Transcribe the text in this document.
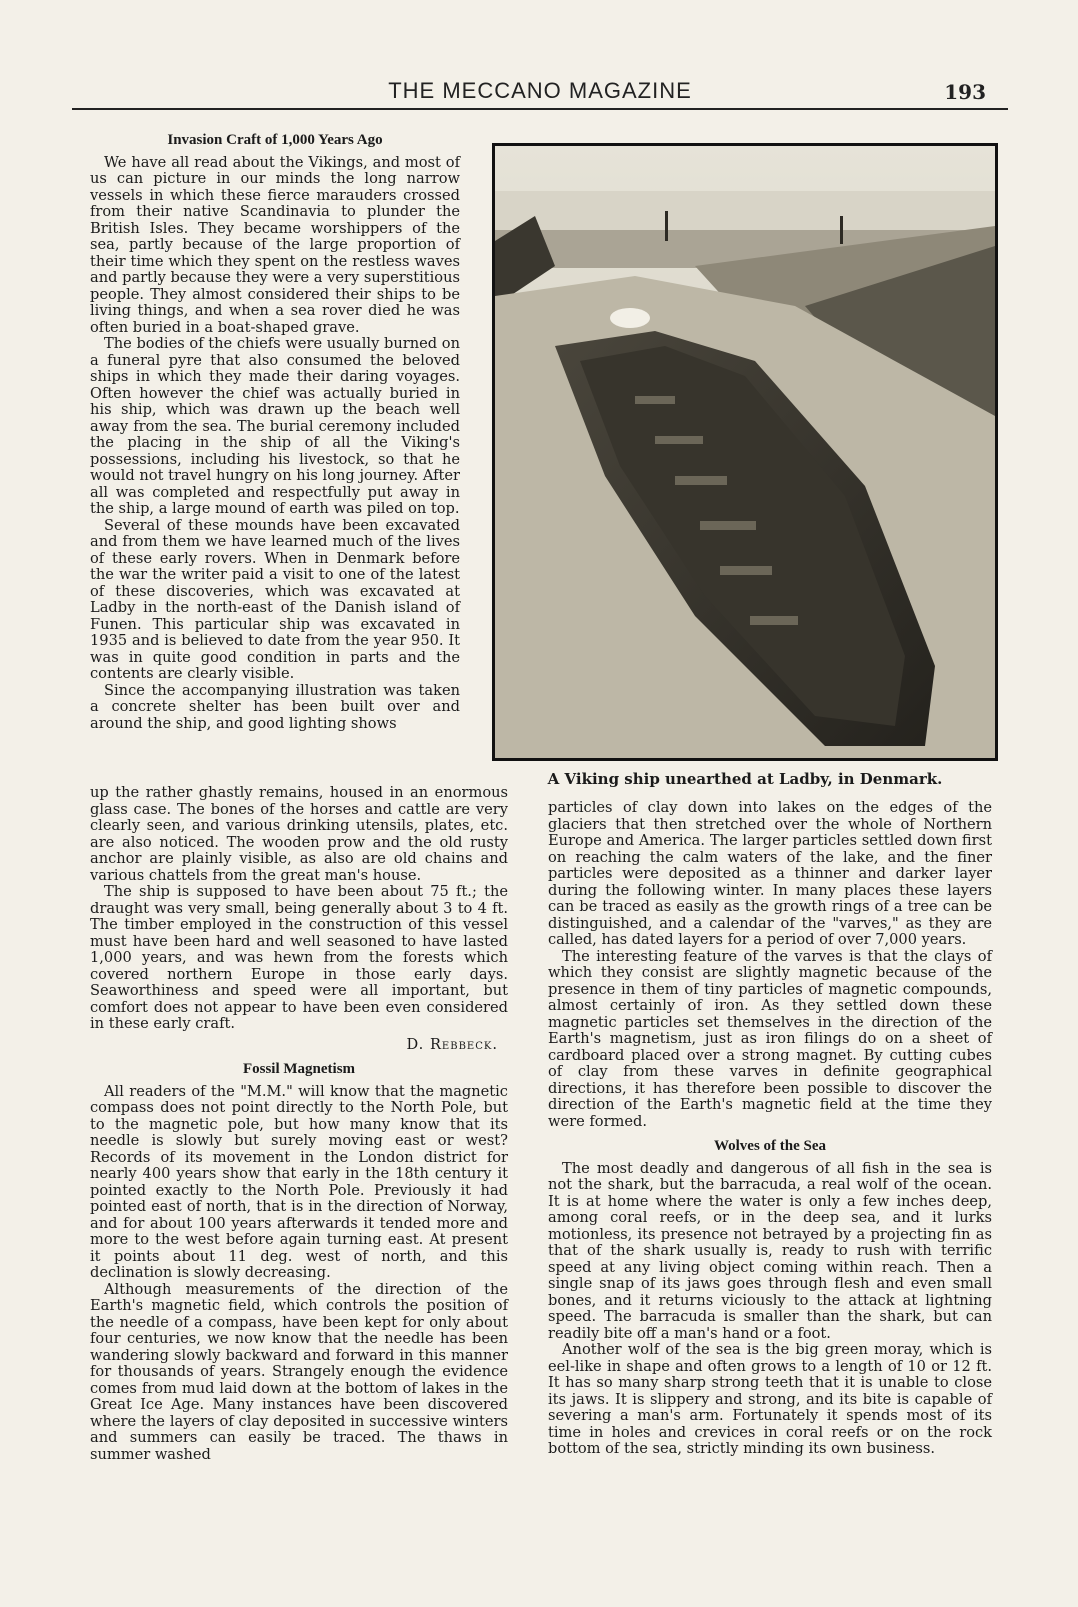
THE MECCANO MAGAZINE	193
Invasion Craft of 1,000 Years Ago

We have all read about the Vikings, and most of us can picture in our minds the long narrow vessels in which these fierce marauders crossed from their native Scandinavia to plunder the British Isles. They became worshippers of the sea, partly because of the large proportion of their time which they spent on the restless waves and partly because they were a very superstitious people. They almost considered their ships to be living things, and when a sea rover died he was often buried in a boat-shaped grave.

The bodies of the chiefs were usually burned on a funeral pyre that also consumed the beloved ships in which they made their daring voyages. Often however the chief was actually buried in his ship, which was drawn up the beach well away from the sea. The burial ceremony included the placing in the ship of all the Viking's possessions, including his livestock, so that he would not travel hungry on his long journey. After all was completed and respectfully put away in the ship, a large mound of earth was piled on top.

Several of these mounds have been excavated and from them we have learned much of the lives of these early rovers. When in Denmark before the war the writer paid a visit to one of the latest of these discoveries, which was excavated at Ladby in the north-east of the Danish island of Funen. This particular ship was excavated in 1935 and is believed to date from the year 950. It was in quite good condition in parts and the contents are clearly visible.

Since the accompanying illustration was taken a concrete shelter has been built over and around the ship, and good lighting shows

A Viking ship unearthed at Ladby, in Denmark.

up the rather ghastly remains, housed in an enormous glass case. The bones of the horses and cattle are very clearly seen, and various drinking utensils, plates, etc. are also noticed. The wooden prow and the old rusty anchor are plainly visible, as also are old chains and various chattels from the great man's house.

The ship is supposed to have been about 75 ft.; the draught was very small, being generally about 3 to 4 ft. The timber employed in the construction of this vessel must have been hard and well seasoned to have lasted 1,000 years, and was hewn from the forests which covered northern Europe in those early days. Seaworthiness and speed were all important, but comfort does not appear to have been even considered in these early craft.

D. Rebbeck.
Fossil Magnetism

All readers of the "M.M." will know that the magnetic compass does not point directly to the North Pole, but to the magnetic pole, but how many know that its needle is slowly but surely moving east or west? Records of its movement in the London district for nearly 400 years show that early in the 18th century it pointed exactly to the North Pole. Previously it had pointed east of north, that is in the direction of Norway, and for about 100 years afterwards it tended more and more to the west before again turning east. At present it points about 11 deg. west of north, and this declination is slowly decreasing.

Although measurements of the direction of the Earth's magnetic field, which controls the position of the needle of a compass, have been kept for only about four centuries, we now know that the needle has been wandering slowly backward and forward in this manner for thousands of years. Strangely enough the evidence comes from mud laid down at the bottom of lakes in the Great Ice Age. Many instances have been discovered where the layers of clay deposited in successive winters and summers can easily be traced. The thaws in summer washed

particles of clay down into lakes on the edges of the glaciers that then stretched over the whole of Northern Europe and America. The larger particles settled down first on reaching the calm waters of the lake, and the finer particles were deposited as a thinner and darker layer during the following winter. In many places these layers can be traced as easily as the growth rings of a tree can be distinguished, and a calendar of the "varves," as they are called, has dated layers for a period of over 7,000 years.

The interesting feature of the varves is that the clays of which they consist are slightly magnetic because of the presence in them of tiny particles of magnetic compounds, almost certainly of iron. As they settled down these magnetic particles set themselves in the direction of the Earth's magnetism, just as iron filings do on a sheet of cardboard placed over a strong magnet. By cutting cubes of clay from these varves in definite geographical directions, it has therefore been possible to discover the direction of the Earth's magnetic field at the time they were formed.

Wolves of the Sea

The most deadly and dangerous of all fish in the sea is not the shark, but the barracuda, a real wolf of the ocean. It is at home where the water is only a few inches deep, among coral reefs, or in the deep sea, and it lurks motionless, its presence not betrayed by a projecting fin as that of the shark usually is, ready to rush with terrific speed at any living object coming within reach. Then a single snap of its jaws goes through flesh and even small bones, and it returns viciously to the attack at lightning speed. The barracuda is smaller than the shark, but can readily bite off a man's hand or a foot.

Another wolf of the sea is the big green moray, which is eel-like in shape and often grows to a length of 10 or 12 ft. It has so many sharp strong teeth that it is unable to close its jaws. It is slippery and strong, and its bite is capable of severing a man's arm. Fortunately it spends most of its time in holes and crevices in coral reefs or on the rock bottom of the sea, strictly minding its own business.
